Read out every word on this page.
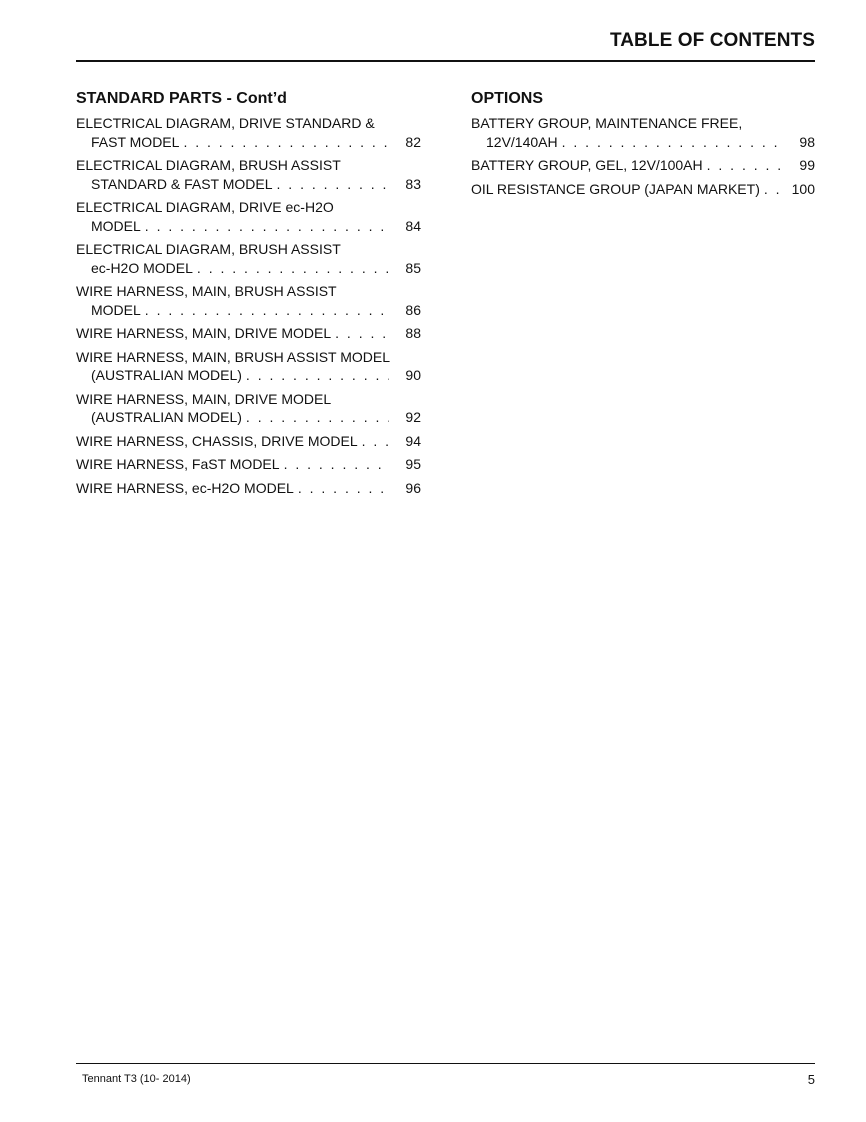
TABLE OF CONTENTS
STANDARD PARTS - Cont’d
ELECTRICAL DIAGRAM, DRIVE STANDARD &
FAST MODEL . . .	82
ELECTRICAL DIAGRAM, BRUSH ASSIST
STANDARD & FAST MODEL . . .	83
ELECTRICAL DIAGRAM, DRIVE ec-H2O
MODEL . . .	84
ELECTRICAL DIAGRAM, BRUSH ASSIST
ec-H2O MODEL . . .	85
WIRE HARNESS, MAIN, BRUSH ASSIST
MODEL . . .	86
WIRE HARNESS, MAIN, DRIVE MODEL . . .	88
WIRE HARNESS, MAIN, BRUSH ASSIST MODEL
(AUSTRALIAN MODEL) . . .	90
WIRE HARNESS, MAIN, DRIVE MODEL
(AUSTRALIAN MODEL) . . .	92
WIRE HARNESS, CHASSIS, DRIVE MODEL . . .	94
WIRE HARNESS, FaST MODEL . . .	95
WIRE HARNESS, ec-H2O MODEL . . .	96
OPTIONS
BATTERY GROUP, MAINTENANCE FREE,
12V/140AH . . .	98
BATTERY GROUP, GEL, 12V/100AH . . .	99
OIL RESISTANCE GROUP (JAPAN MARKET) . . .	100
Tennant T3 (10- 2014)	5
